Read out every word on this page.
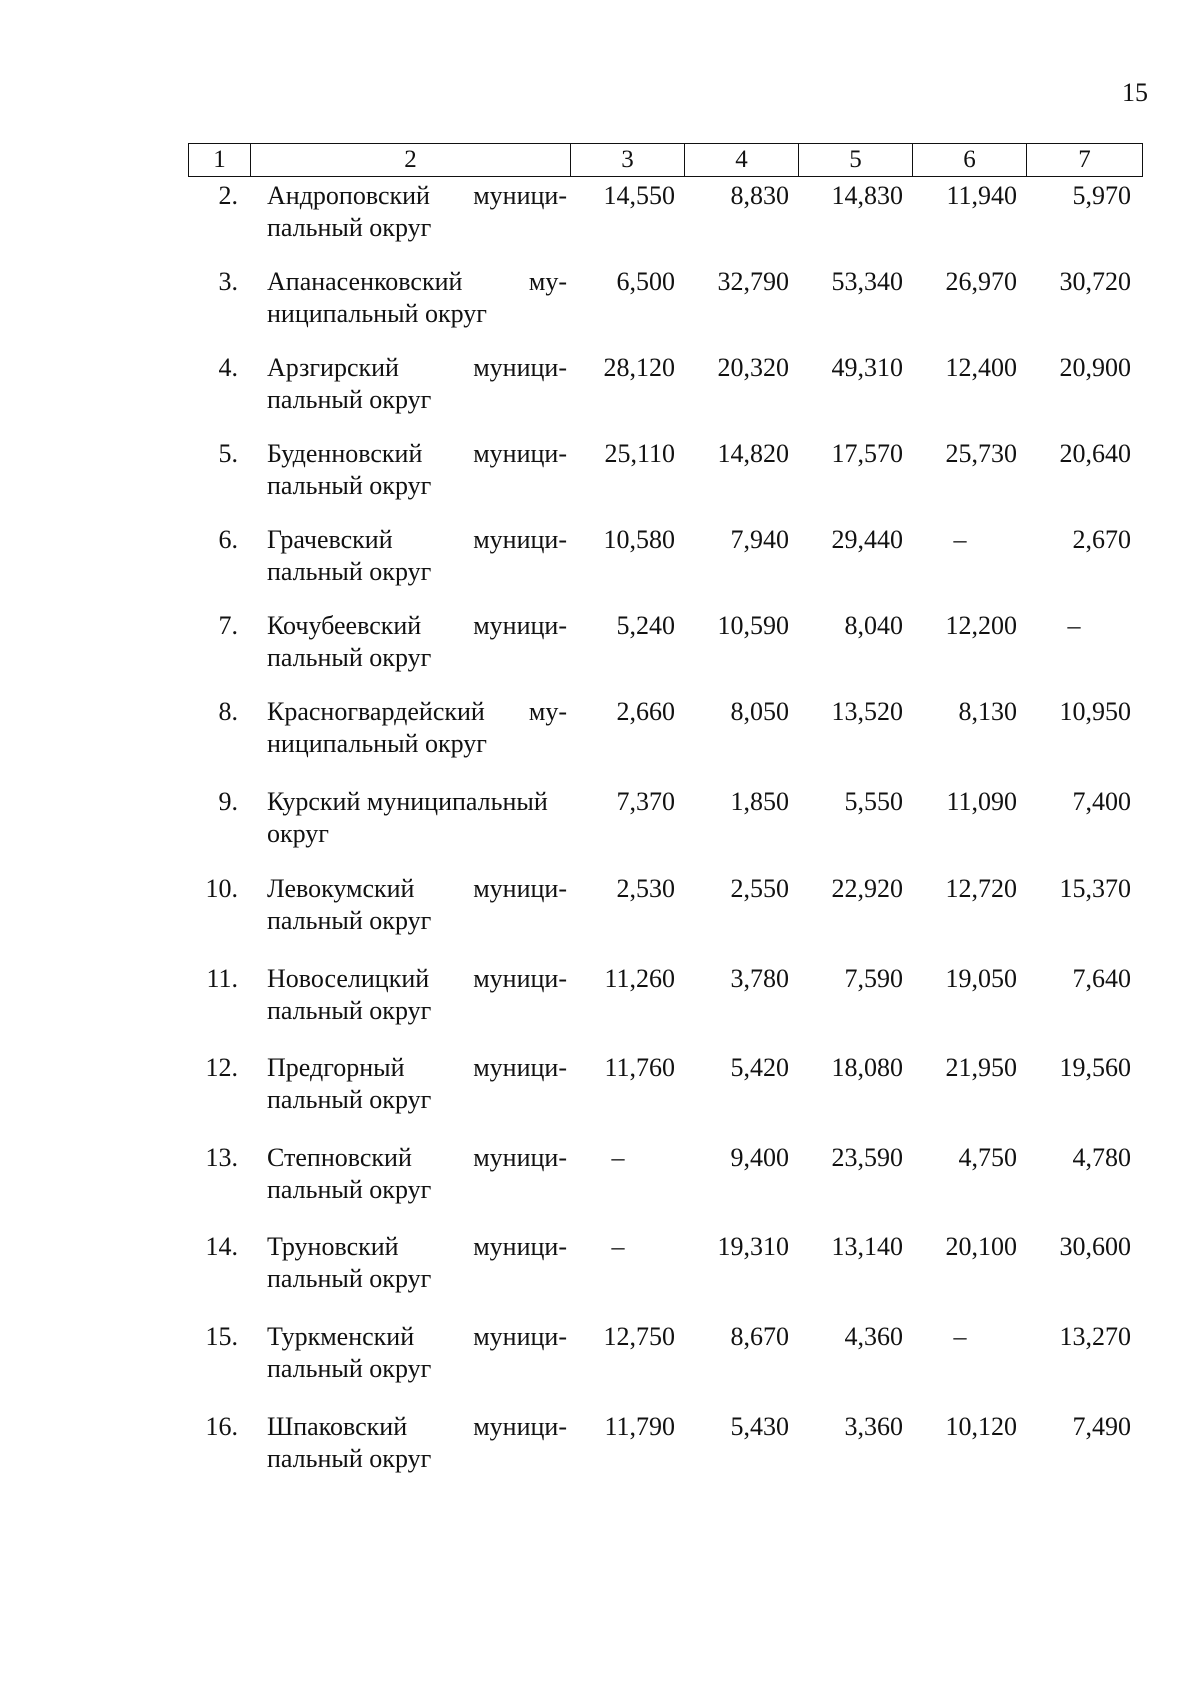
15
1	2	3	4	5	6	7
2. Андроповский муници-
пальный округ
14,550	8,830	14,830	11,940	5,970
3. Апанасенковский	му-
ниципальный округ
6,500	32,790	53,340	26,970	30,720
4. Арзгирский	муници-
пальный округ
28,120	20,320	49,310	12,400	20,900
5. Буденновский муници-
пальный округ
25,110	14,820	17,570	25,730	20,640
6. Грачевский	муници-
пальный округ
10,580	7,940	29,440	–	2,670
7. Кочубеевский муници-
пальный округ
5,240	10,590	8,040	12,200	–
8. Красногвардейский му-
ниципальный округ
2,660	8,050	13,520	8,130	10,950
9. Курский муниципальный
округ
7,370	1,850	5,550	11,090	7,400
10. Левокумский муници-
пальный округ
2,530	2,550	22,920	12,720	15,370
11. Новоселицкий муници-
пальный округ
11,260	3,780	7,590	19,050	7,640
12. Предгорный	муници-
пальный округ
11,760	5,420	18,080	21,950	19,560
13. Степновский муници-
пальный округ
–	9,400	23,590	4,750	4,780
14. Труновский	муници-
пальный округ
–	19,310	13,140	20,100	30,600
15. Туркменский муници-
пальный округ
12,750	8,670	4,360	–	13,270
16. Шпаковский	муници-
пальный округ
11,790	5,430	3,360	10,120	7,490
